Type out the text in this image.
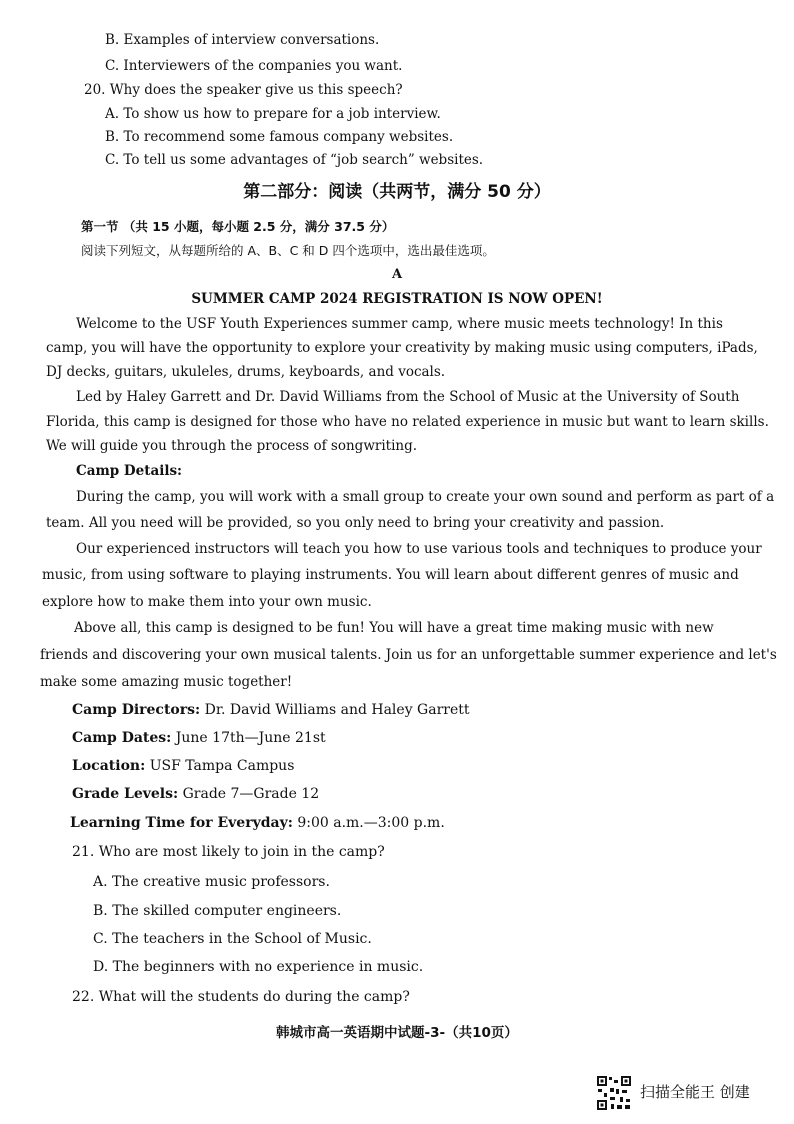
B. Examples of interview conversations.
C. Interviewers of the companies you want.
20. Why does the speaker give us this speech?
A. To show us how to prepare for a job interview.
B. To recommend some famous company websites.
C. To tell us some advantages of “job search” websites.
第二部分：阅读（共两节，满分 50 分）
第一节 （共 15 小题，每小题 2.5 分，满分 37.5 分）
阅读下列短文，从每题所给的 A、B、C 和 D 四个选项中，选出最佳选项。
A
SUMMER CAMP 2024 REGISTRATION IS NOW OPEN!
Welcome to the USF Youth Experiences summer camp, where music meets technology! In this
camp, you will have the opportunity to explore your creativity by making music using computers, iPads,
DJ decks, guitars, ukuleles, drums, keyboards, and vocals.
Led by Haley Garrett and Dr. David Williams from the School of Music at the University of South
Florida, this camp is designed for those who have no related experience in music but want to learn skills.
We will guide you through the process of songwriting.
Camp Details:
During the camp, you will work with a small group to create your own sound and perform as part of a
team. All you need will be provided, so you only need to bring your creativity and passion.
Our experienced instructors will teach you how to use various tools and techniques to produce your
music, from using software to playing instruments. You will learn about different genres of music and
explore how to make them into your own music.
Above all, this camp is designed to be fun! You will have a great time making music with new
friends and discovering your own musical talents. Join us for an unforgettable summer experience and let's
make some amazing music together!
Camp Directors: Dr. David Williams and Haley Garrett
Camp Dates: June 17th—June 21st
Location: USF Tampa Campus
Grade Levels: Grade 7—Grade 12
Learning Time for Everyday: 9:00 a.m.—3:00 p.m.
21. Who are most likely to join in the camp?
A. The creative music professors.
B. The skilled computer engineers.
C. The teachers in the School of Music.
D. The beginners with no experience in music.
22. What will the students do during the camp?
韩城市高一英语期中试题-3-（共10页）
扫描全能王 创建
